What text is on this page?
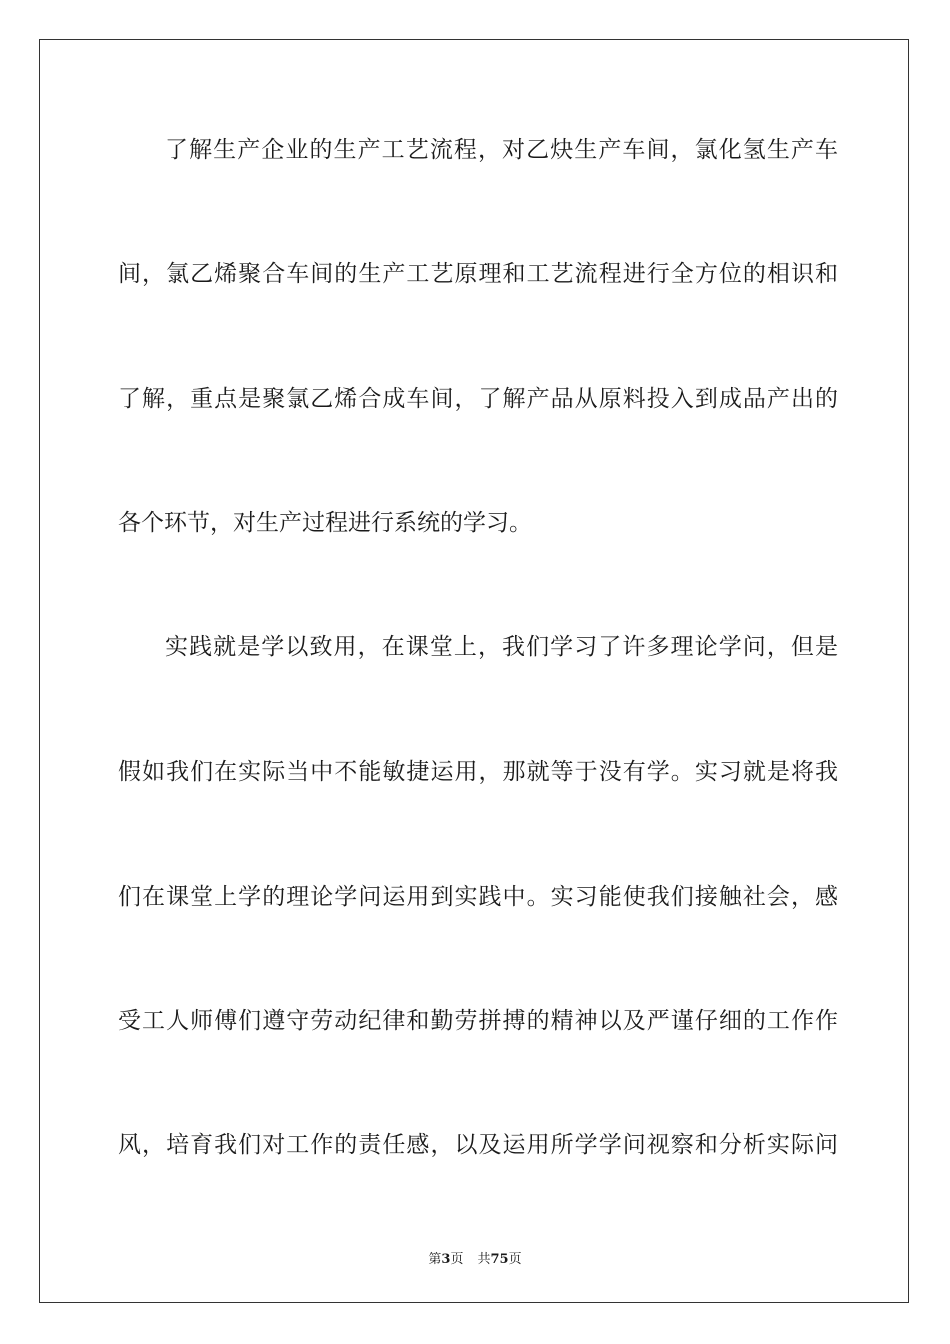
了解生产企业的生产工艺流程，对乙炔生产车间，氯化氢生产车
间，氯乙烯聚合车间的生产工艺原理和工艺流程进行全方位的相识和
了解，重点是聚氯乙烯合成车间，了解产品从原料投入到成品产出的
各个环节，对生产过程进行系统的学习。
实践就是学以致用，在课堂上，我们学习了许多理论学问，但是
假如我们在实际当中不能敏捷运用，那就等于没有学。实习就是将我
们在课堂上学的理论学问运用到实践中。实习能使我们接触社会，感
受工人师傅们遵守劳动纪律和勤劳拼搏的精神以及严谨仔细的工作作
风，培育我们对工作的责任感，以及运用所学学问视察和分析实际问
第3页 共75页
